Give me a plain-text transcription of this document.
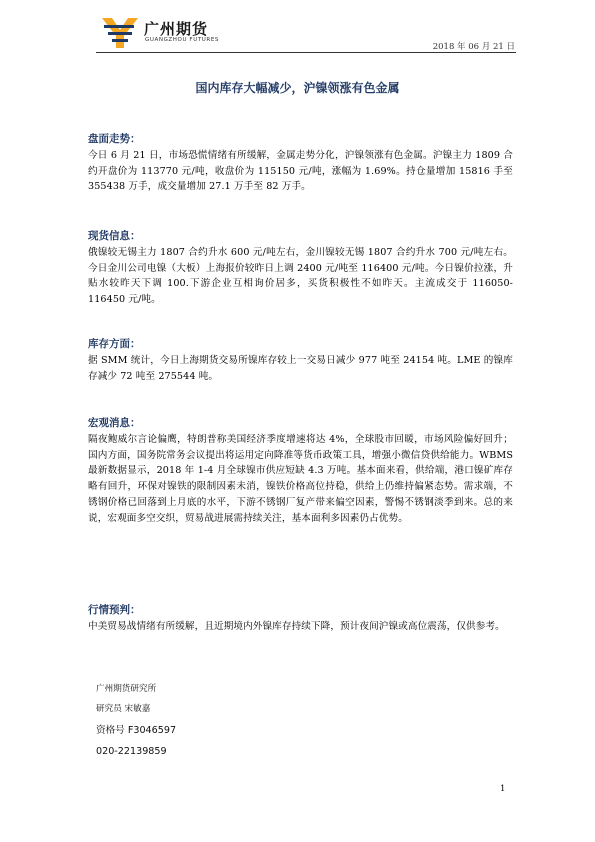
广州期货
GUANGZHOU FUTURES
2018 年 06 月 21 日
国内库存大幅减少，沪镍领涨有色金属
盘面走势：

今日 6 月 21 日，市场恐慌情绪有所缓解，金属走势分化，沪镍领涨有色金属。沪镍主力 1809 合约开盘价为 113770 元/吨，收盘价为 115150 元/吨，涨幅为 1.69%。持仓量增加 15816 手至 355438 万手，成交量增加 27.1 万手至 82 万手。

现货信息：

俄镍较无锡主力 1807 合约升水 600 元/吨左右，金川镍较无锡 1807 合约升水 700 元/吨左右。今日金川公司电镍（大板）上海报价较昨日上调 2400 元/吨至 116400 元/吨。今日镍价拉涨，升贴水较昨天下调 100.下游企业互相询价居多，买货积极性不如昨天。主流成交于 116050-116450 元/吨。

库存方面：

据 SMM 统计，今日上海期货交易所镍库存较上一交易日减少 977 吨至 24154 吨。LME 的镍库存减少 72 吨至 275544 吨。

宏观消息：

隔夜鲍威尔言论偏鹰，特朗普称美国经济季度增速将达 4%，全球股市回暖，市场风险偏好回升；国内方面，国务院常务会议提出将运用定向降准等货币政策工具，增强小微信贷供给能力。WBMS 最新数据显示，2018 年 1-4 月全球镍市供应短缺 4.3 万吨。基本面来看，供给端，港口镍矿库存略有回升，环保对镍铁的限制因素未消，镍铁价格高位持稳，供给上仍维持偏紧态势。需求端，不锈钢价格已回落到上月底的水平，下游不锈钢厂复产带来偏空因素，警惕不锈钢淡季到来。总的来说，宏观面多空交织，贸易战进展需持续关注，基本面利多因素仍占优势。

行情预判：

中美贸易战情绪有所缓解，且近期境内外镍库存持续下降，预计夜间沪镍或高位震荡，仅供参考。

广州期货研究所
研究员 宋敏嘉
资格号 F3046597
020-22139859
1
